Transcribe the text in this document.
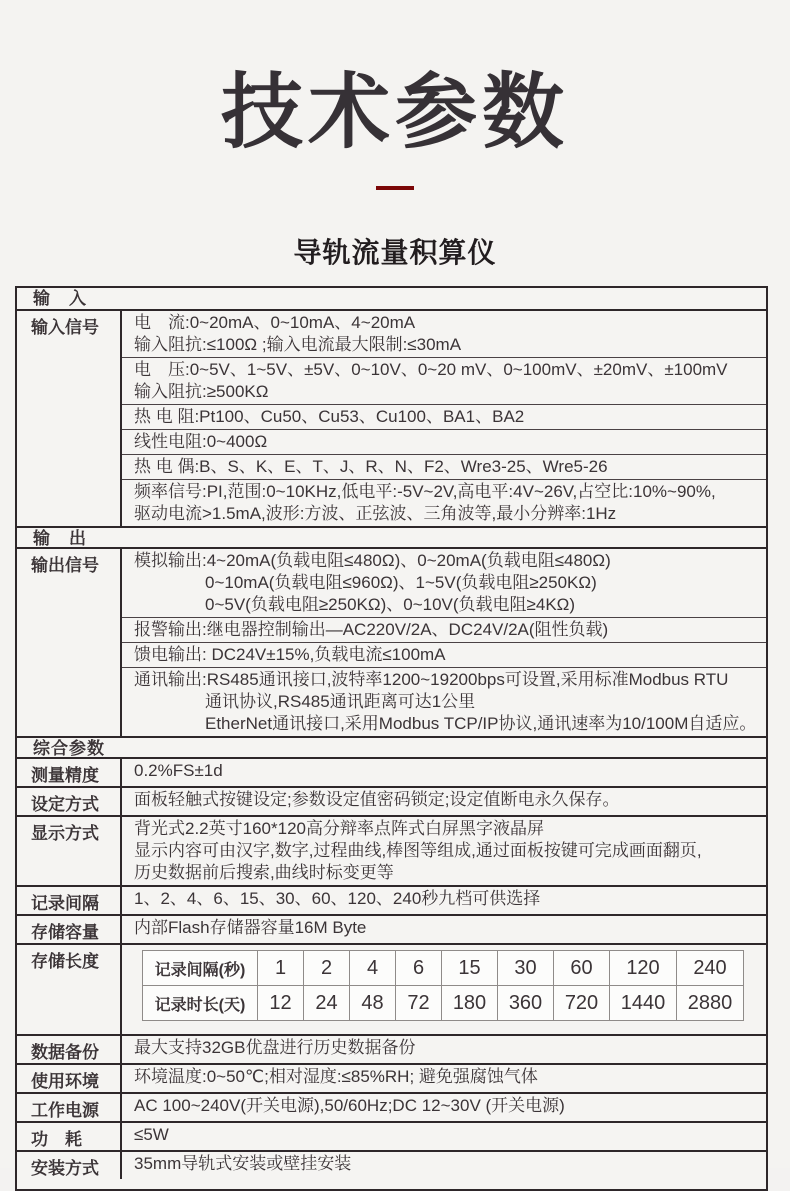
技术参数
导轨流量积算仪
输　入
输入信号	电　流:0~20mA、0~10mA、4~20mA
输入阻抗:≤100Ω ;输入电流最大限制:≤30mA
电　压:0~5V、1~5V、±5V、0~10V、0~20 mV、0~100mV、±20mV、±100mV
输入阻抗:≥500KΩ
热 电 阻:Pt100、Cu50、Cu53、Cu100、BA1、BA2
线性电阻:0~400Ω
热 电 偶:B、S、K、E、T、J、R、N、F2、Wre3-25、Wre5-26
频率信号:PI,范围:0~10KHz,低电平:-5V~2V,高电平:4V~26V,占空比:10%~90%,
驱动电流>1.5mA,波形:方波、正弦波、三角波等,最小分辨率:1Hz
输　出
输出信号	模拟输出:4~20mA(负载电阻≤480Ω)、0~20mA(负载电阻≤480Ω)
0~10mA(负载电阻≤960Ω)、1~5V(负载电阻≥250KΩ)
0~5V(负载电阻≥250KΩ)、0~10V(负载电阻≥4KΩ)
报警输出:继电器控制输出—AC220V/2A、DC24V/2A(阻性负载)
馈电输出: DC24V±15%,负载电流≤100mA
通讯输出:RS485通讯接口,波特率1200~19200bps可设置,采用标准Modbus RTU
通讯协议,RS485通讯距离可达1公里
EtherNet通讯接口,采用Modbus TCP/IP协议,通讯速率为10/100M自适应。
综合参数
测量精度	0.2%FS±1d
设定方式	面板轻触式按键设定;参数设定值密码锁定;设定值断电永久保存。
显示方式	背光式2.2英寸160*120高分辩率点阵式白屏黑字液晶屏
显示内容可由汉字,数字,过程曲线,棒图等组成,通过面板按键可完成画面翻页,
历史数据前后搜索,曲线时标变更等
记录间隔	1、2、4、6、15、30、60、120、240秒九档可供选择
存储容量	内部Flash存储器容量16M Byte
存储长度	记录间隔(秒)	1	2	4	6	15	30	60	120	240
记录时长(天)	12	24	48	72	180	360	720	1440	2880
数据备份	最大支持32GB优盘进行历史数据备份
使用环境	环境温度:0~50℃;相对湿度:≤85%RH; 避免强腐蚀气体
工作电源	AC 100~240V(开关电源),50/60Hz;DC 12~30V (开关电源)
功　耗	≤5W
安装方式	35mm导轨式安装或壁挂安装
